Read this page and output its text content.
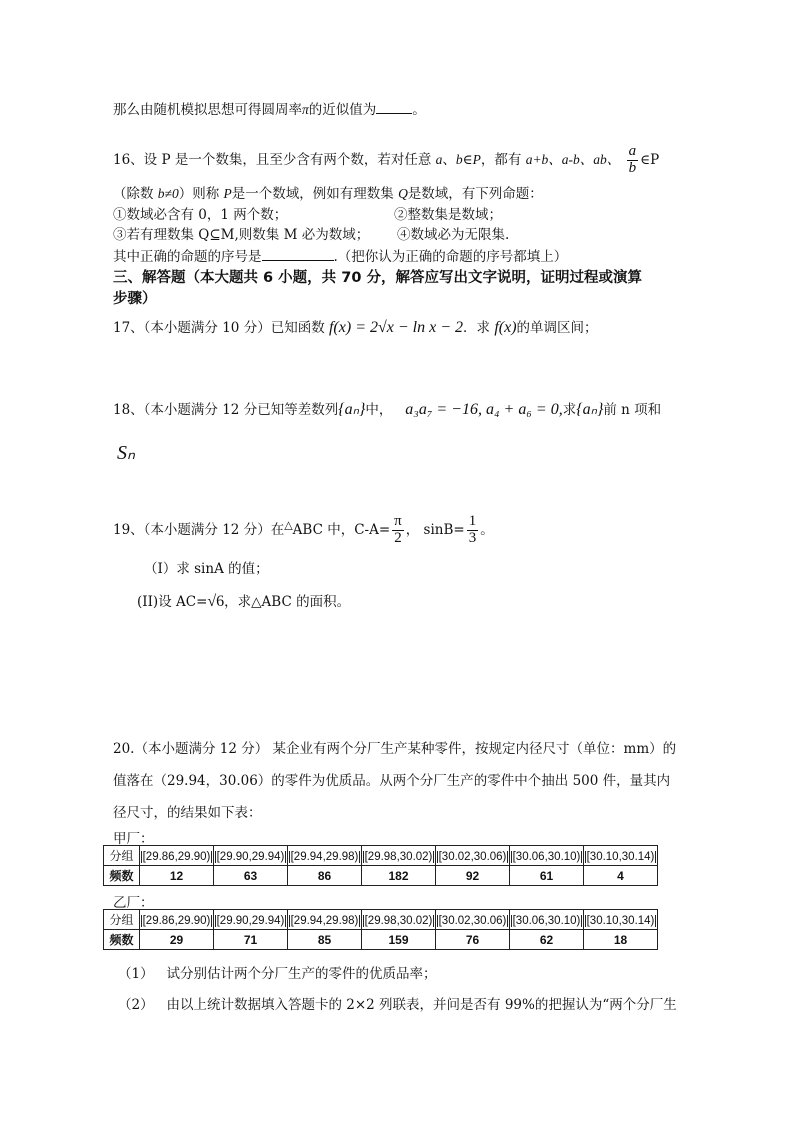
那么由随机模拟思想可得圆周率π的近似值为	。
16、设 P 是一个数集，且至少含有两个数，若对任意 a、b∈P，都有 a+b、a-b、ab、 $\frac{a}{b}$ ∈P
（除数 b≠0）则称 P是一个数域，例如有理数集 Q是数域，有下列命题：
①数域必含有 0，1 两个数；	②整数集是数域；
③若有理数集 Q⊆M,则数集 M 必为数域； ④数域必为无限集.
其中正确的命题的序号是	.（把你认为正确的命题的序号都填上）
三、解答题（本大题共 6 小题，共 70 分，解答应写出文字说明，证明过程或演算
步骤）
17、（本小题满分 10 分）已知函数 f(x) = 2√x − ln x − 2．求 f(x)的单调区间；
18、（本小题满分 12 分已知等差数列{aₙ}中， a₃a₇ = −16, a₄ + a₆ = 0,求{aₙ}前 n 项和
Sₙ
19、（本小题满分 12 分）在△ABC 中，$C-A= \frac{\pi}{2}$ ， $\sin B= \frac{1}{3}$ 。
（I）求 sinA 的值；
(II)设 AC=√6，求△ABC 的面积。
20.（本小题满分 12 分） 某企业有两个分厂生产某种零件，按规定内径尺寸（单位：mm）的
值落在（29.94，30.06）的零件为优质品。从两个分厂生产的零件中个抽出 500 件，量其内
径尺寸，的结果如下表：
甲厂：
分组	[29.86,29.90)	[29.90,29.94)	[29.94,29.98)	[29.98,30.02)	[30.02,30.06)	[30.06,30.10)	[30.10,30.14)
频数	12	63	86	182	92	61	4
乙厂：
分组	[29.86,29.90)	[29.90,29.94)	[29.94,29.98)	[29.98,30.02)	[30.02,30.06)	[30.06,30.10)	[30.10,30.14)
频数	29	71	85	159	76	62	18
（1） 试分别估计两个分厂生产的零件的优质品率；
（2） 由以上统计数据填入答题卡的 2×2 列联表，并问是否有 99%的把握认为“两个分厂生
